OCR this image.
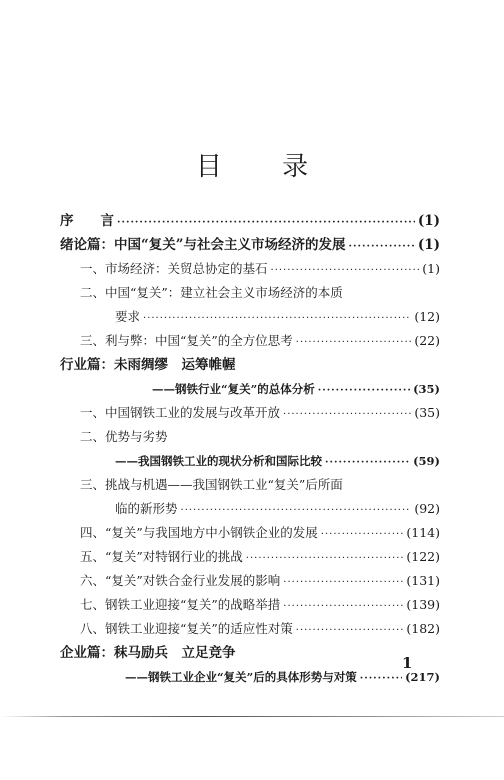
目 录
序　　言 ·····	(1)
绪论篇：中国“复关”与社会主义市场经济的发展 ·····	(1)
一、市场经济：关贸总协定的基石 ·····	(1)
二、中国“复关”：建立社会主义市场经济的本质
要求 ·····	(12)
三、利与弊：中国“复关”的全方位思考 ·····	(22)
行业篇：未雨绸缪　运筹帷幄
——钢铁行业“复关”的总体分析 ·····	(35)
一、中国钢铁工业的发展与改革开放 ·····	(35)
二、优势与劣势
——我国钢铁工业的现状分析和国际比较 ·····	(59)
三、挑战与机遇——我国钢铁工业“复关”后所面
临的新形势 ·····	(92)
四、“复关”与我国地方中小钢铁企业的发展 ·····	(114)
五、“复关”对特钢行业的挑战 ·····	(122)
六、“复关”对铁合金行业发展的影响 ·····	(131)
七、钢铁工业迎接“复关”的战略举措 ·····	(139)
八、钢铁工业迎接“复关”的适应性对策 ·····	(182)
企业篇：秣马励兵　立足竞争
——钢铁工业企业“复关”后的具体形势与对策 ·····	(217)
1
